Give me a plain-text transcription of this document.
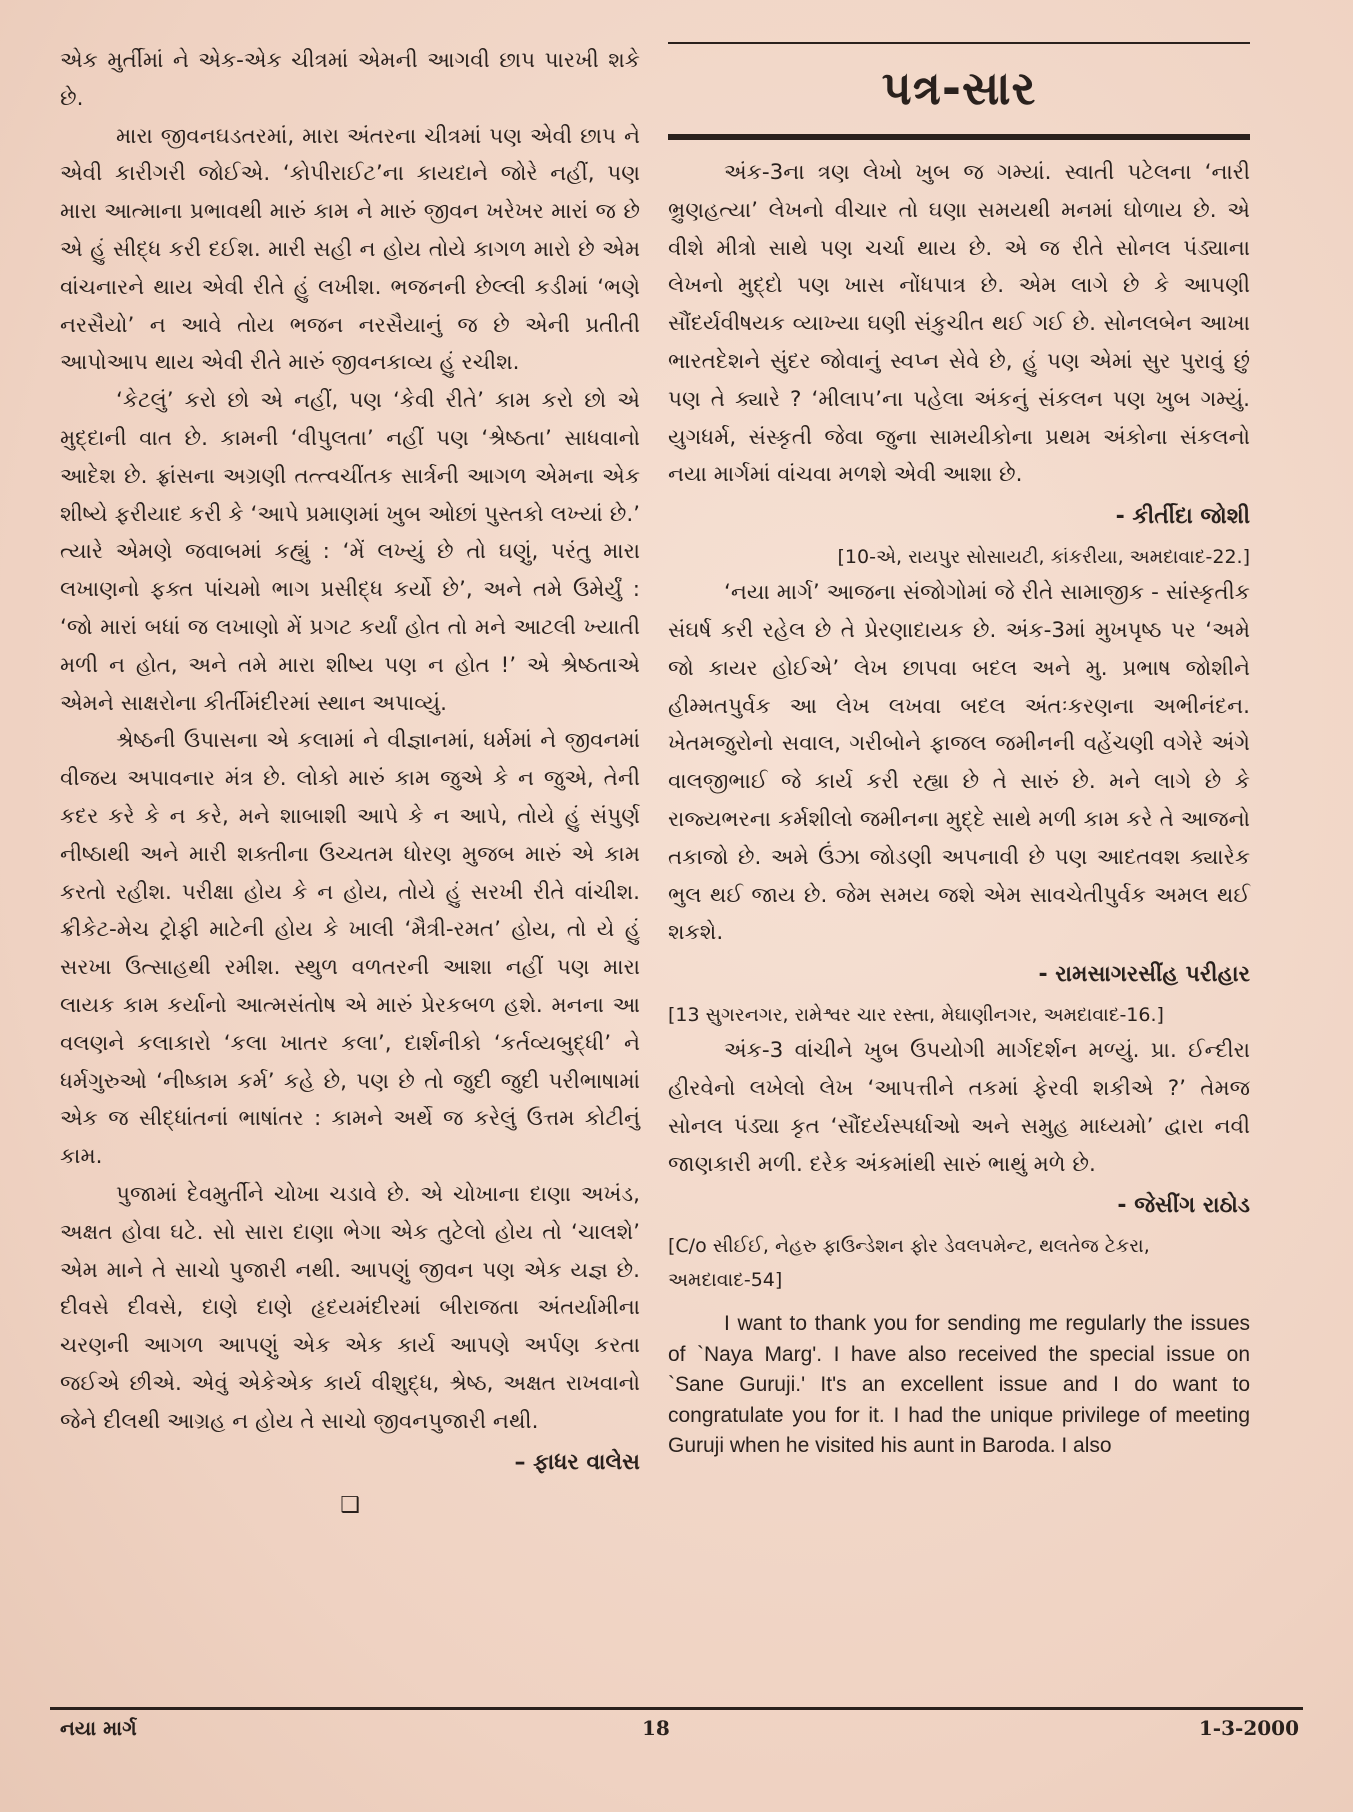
એક મુર્તીમાં ને એક-એક ચીત્રમાં એમની આગવી છાપ પારખી શકે છે.

મારા જીવનઘડતરમાં, મારા અંતરના ચીત્રમાં પણ એવી છાપ ને એવી કારીગરી જોઈએ. ‘કોપીરાઈટ’ના કાયદાને જોરે નહીં, પણ મારા આત્માના પ્રભાવથી મારું કામ ને મારું જીવન ખરેખર મારાં જ છે એ હું સીદ્ધ કરી દઈશ. મારી સહી ન હોય તોયે કાગળ મારો છે એમ વાંચનારને થાય એવી રીતે હું લખીશ. ભજનની છેલ્લી કડીમાં ‘ભણે નરસૈયો’ ન આવે તોય ભજન નરસૈયાનું જ છે એની પ્રતીતી આપોઆપ થાય એવી રીતે મારું જીવનકાવ્ય હું રચીશ.

‘કેટલું’ કરો છો એ નહીં, પણ ‘કેવી રીતે’ કામ કરો છો એ મુદ્દાની વાત છે. કામની ‘વીપુલતા’ નહીં પણ ‘શ્રેષ્ઠતા’ સાધવાનો આદેશ છે. ફ્રાંસના અગ્રણી તત્ત્વચીંતક સાર્ત્રની આગળ એમના એક શીષ્યે ફરીયાદ કરી કે ‘આપે પ્રમાણમાં ખુબ ઓછાં પુસ્તકો લખ્યાં છે.’ ત્યારે એમણે જવાબમાં કહ્યું : ‘મેં લખ્યું છે તો ઘણું, પરંતુ મારા લખાણનો ફક્ત પાંચમો ભાગ પ્રસીદ્ધ કર્યો છે’, અને તમે ઉમેર્યું : ‘જો મારાં બધાં જ લખાણો મેં પ્રગટ કર્યાં હોત તો મને આટલી ખ્યાતી મળી ન હોત, અને તમે મારા શીષ્ય પણ ન હોત !’ એ શ્રેષ્ઠતાએ એમને સાક્ષરોના કીર્તીમંદીરમાં સ્થાન અપાવ્યું.

શ્રેષ્ઠની ઉપાસના એ કલામાં ને વીજ્ઞાનમાં, ધર્મમાં ને જીવનમાં વીજય અપાવનાર મંત્ર છે. લોકો મારું કામ જુએ કે ન જુએ, તેની કદર કરે કે ન કરે, મને શાબાશી આપે કે ન આપે, તોયે હું સંપુર્ણ નીષ્ઠાથી અને મારી શક્તીના ઉચ્ચતમ ધોરણ મુજબ મારું એ કામ કરતો રહીશ. પરીક્ષા હોય કે ન હોય, તોયે હું સરખી રીતે વાંચીશ. ક્રીકેટ-મેચ ટ્રોફી માટેની હોય કે ખાલી ‘મૈત્રી-રમત’ હોય, તો યે હું સરખા ઉત્સાહથી રમીશ. સ્થુળ વળતરની આશા નહીં પણ મારા લાયક કામ કર્યાનો આત્મસંતોષ એ મારું પ્રેરકબળ હશે. મનના આ વલણને કલાકારો ‘કલા ખાતર કલા’, દાર્શનીકો ‘કર્તવ્યબુદ્ધી’ ને ધર્મગુરુઓ ‘નીષ્કામ કર્મ’ કહે છે, પણ છે તો જુદી જુદી પરીભાષામાં એક જ સીદ્ધાંતનાં ભાષાંતર : કામને અર્થે જ કરેલું ઉત્તમ કોટીનું કામ.

પુજામાં દેવમુર્તીને ચોખા ચડાવે છે. એ ચોખાના દાણા અખંડ, અક્ષત હોવા ઘટે. સો સારા દાણા ભેગા એક તુટેલો હોય તો ‘ચાલશે’ એમ માને તે સાચો પુજારી નથી. આપણું જીવન પણ એક યજ્ઞ છે. દીવસે દીવસે, દાણે દાણે હૃદયમંદીરમાં બીરાજતા અંતર્યામીના ચરણની આગળ આપણું એક એક કાર્ય આપણે અર્પણ કરતા જઈએ છીએ. એવું એકેએક કાર્ય વીશુદ્ધ, શ્રેષ્ઠ, અક્ષત રાખવાનો જેને દીલથી આગ્રહ ન હોય તે સાચો જીવનપુજારી નથી.

– ફાધર વાલેસ
❑
પત્ર-સાર

અંક-3ના ત્રણ લેખો ખુબ જ ગમ્યાં. સ્વાતી પટેલના ‘નારી ભ્રુણહત્યા’ લેખનો વીચાર તો ઘણા સમયથી મનમાં ઘોળાય છે. એ વીશે મીત્રો સાથે પણ ચર્ચા થાય છે. એ જ રીતે સોનલ પંડ્યાના લેખનો મુદ્દો પણ ખાસ નોંધપાત્ર છે. એમ લાગે છે કે આપણી સૌંદર્યવીષયક વ્યાખ્યા ઘણી સંકુચીત થઈ ગઈ છે. સોનલબેન આખા ભારતદેશને સુંદર જોવાનું સ્વપ્ન સેવે છે, હું પણ એમાં સુર પુરાવું છું પણ તે ક્યારે ? ‘મીલાપ’ના પહેલા અંકનું સંકલન પણ ખુબ ગમ્યું. યુગધર્મ, સંસ્કૃતી જેવા જુના સામયીકોના પ્રથમ અંકોના સંકલનો નયા માર્ગમાં વાંચવા મળશે એવી આશા છે.

- કીર્તીદા જોશી
[10-એ, રાયપુર સોસાયટી, કાંકરીયા, અમદાવાદ-22.]

‘નયા માર્ગ’ આજના સંજોગોમાં જે રીતે સામાજીક - સાંસ્કૃતીક સંઘર્ષ કરી રહેલ છે તે પ્રેરણાદાયક છે. અંક-3માં મુખપૃષ્ઠ પર ‘અમે જો કાયર હોઈએ’ લેખ છાપવા બદલ અને મુ. પ્રભાષ જોશીને હીમ્મતપુર્વક આ લેખ લખવા બદલ અંતઃકરણના અભીનંદન. ખેતમજુરોનો સવાલ, ગરીબોને ફાજલ જમીનની વહેંચણી વગેરે અંગે વાલજીભાઈ જે કાર્ય કરી રહ્યા છે તે સારું છે. મને લાગે છે કે રાજ્યભરના કર્મશીલો જમીનના મુદ્દે સાથે મળી કામ કરે તે આજનો તકાજો છે. અમે ઉંઝા જોડણી અપનાવી છે પણ આદતવશ ક્યારેક ભુલ થઈ જાય છે. જેમ સમય જશે એમ સાવચેતીપુર્વક અમલ થઈ શકશે.

- રામસાગરસીંહ પરીહાર
[13 સુગરનગર, રામેશ્વર ચાર રસ્તા, મેઘાણીનગર, અમદાવાદ-16.]

અંક-3 વાંચીને ખુબ ઉપયોગી માર્ગદર્શન મળ્યું. પ્રા. ઈન્દીરા હીરવેનો લખેલો લેખ ‘આપત્તીને તકમાં ફેરવી શકીએ ?’ તેમજ સોનલ પંડ્યા કૃત ‘સૌંદર્યસ્પર્ધાઓ અને સમુહ માધ્યમો’ દ્વારા નવી જાણકારી મળી. દરેક અંકમાંથી સારું ભાથું મળે છે.

- જેસીંગ રાઠોડ
[C/o સીઈઈ, નેહરુ ફાઉન્ડેશન ફોર ડેવલપમેન્ટ, થલતેજ ટેકરા, અમદાવાદ-54]

I want to thank you for sending me regularly the issues of `Naya Marg'. I have also received the special issue on `Sane Guruji.' It's an excellent issue and I do want to congratulate you for it. I had the unique privilege of meeting Guruji when he visited his aunt in Baroda. I also

નયા માર્ગ	18	1-3-2000
